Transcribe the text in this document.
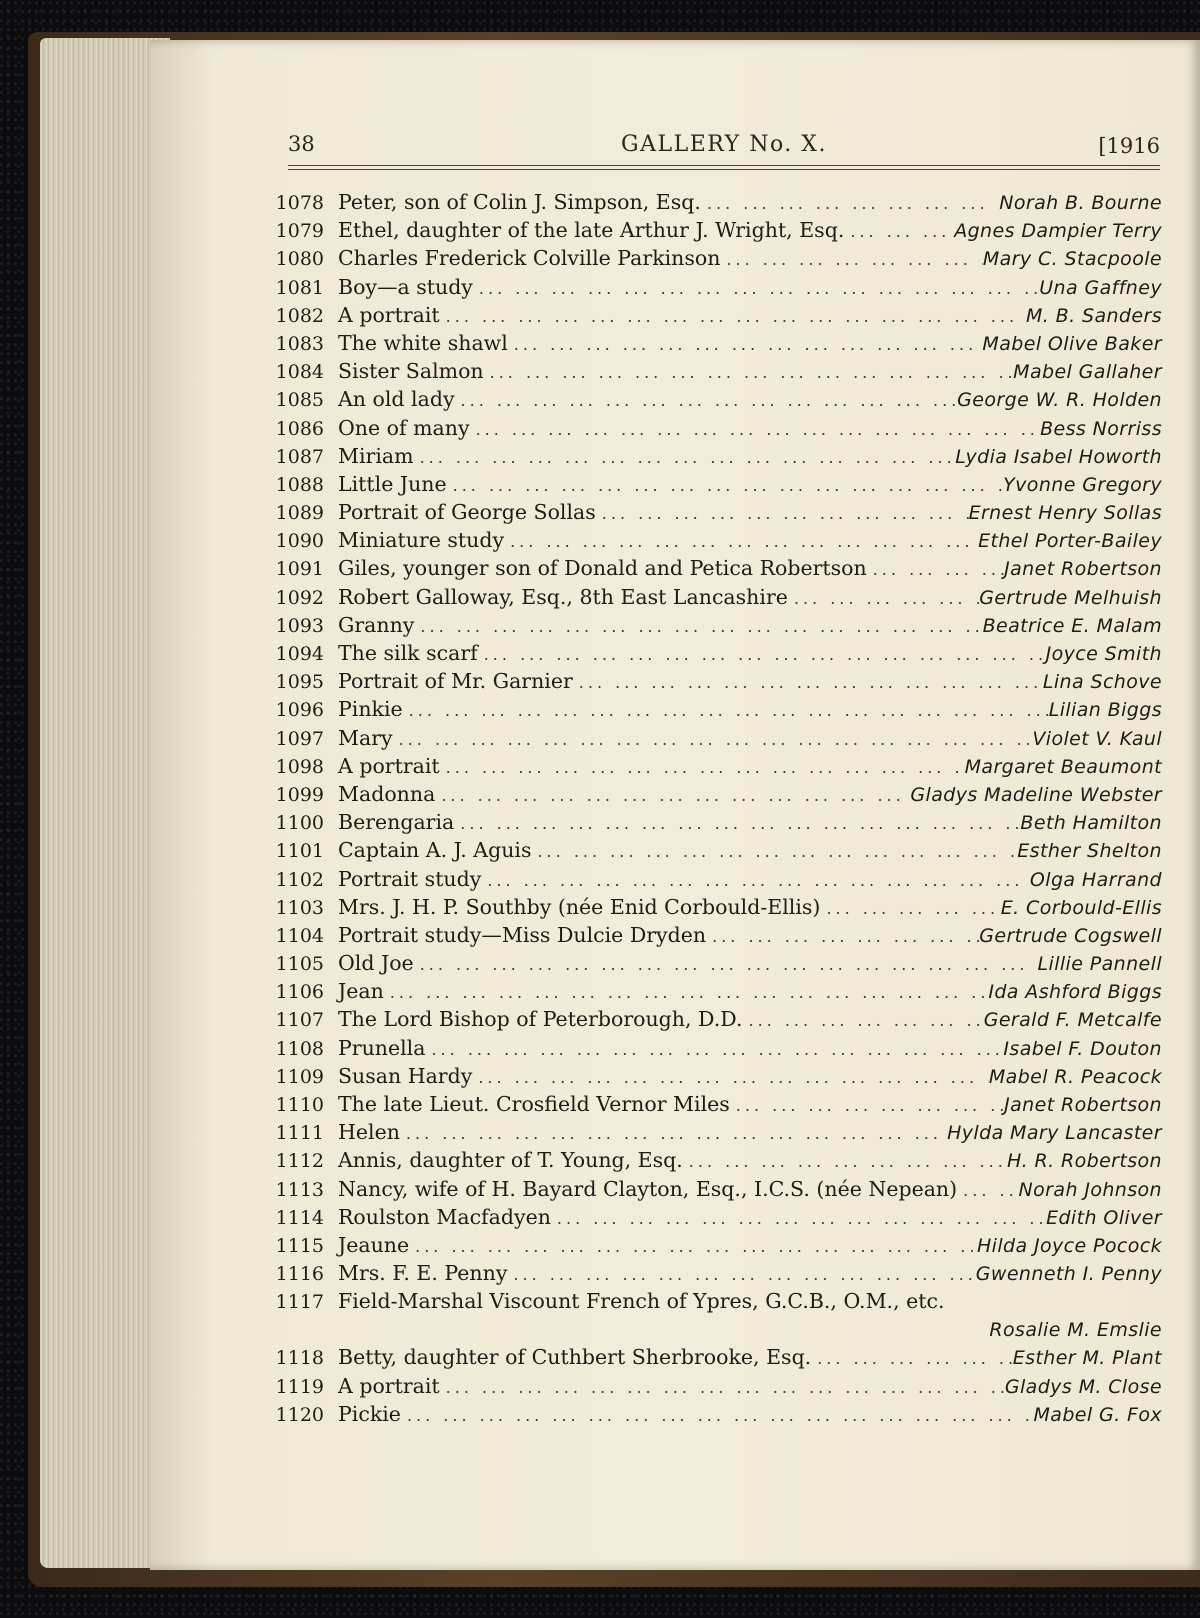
38	GALLERY No. X.	[1916
1078 Peter, son of Colin J. Simpson, Esq. ... .	Norah B. Bourne
1079 Ethel, daughter of the late Arthur J. Wright, Esq. ... .	Agnes Dampier Terry
1080 Charles Frederick Colville Parkinson ... .	Mary C. Stacpoole
1081 Boy—a study ... .	Una Gaffney
1082 A portrait ... .	M. B. Sanders
1083 The white shawl ... .	Mabel Olive Baker
1084 Sister Salmon ... .	Mabel Gallaher
1085 An old lady ... .	George W. R. Holden
1086 One of many ... .	Bess Norriss
1087 Miriam ... .	Lydia Isabel Howorth
1088 Little June ... .	Yvonne Gregory
1089 Portrait of George Sollas ... .	Ernest Henry Sollas
1090 Miniature study ... .	Ethel Porter-Bailey
1091 Giles, younger son of Donald and Petica Robertson ... .	Janet Robertson
1092 Robert Galloway, Esq., 8th East Lancashire ... .	Gertrude Melhuish
1093 Granny ... .	Beatrice E. Malam
1094 The silk scarf ... .	Joyce Smith
1095 Portrait of Mr. Garnier ... .	Lina Schove
1096 Pinkie ... .	Lilian Biggs
1097 Mary ... .	Violet V. Kaul
1098 A portrait ... .	Margaret Beaumont
1099 Madonna ... .	Gladys Madeline Webster
1100 Berengaria ... .	Beth Hamilton
1101 Captain A. J. Aguis ... .	Esther Shelton
1102 Portrait study ... .	Olga Harrand
1103 Mrs. J. H. P. Southby (née Enid Corbould-Ellis) ... .	E. Corbould-Ellis
1104 Portrait study—Miss Dulcie Dryden ... .	Gertrude Cogswell
1105 Old Joe ... .	Lillie Pannell
1106 Jean ... .	Ida Ashford Biggs
1107 The Lord Bishop of Peterborough, D.D. ... .	Gerald F. Metcalfe
1108 Prunella ... .	Isabel F. Douton
1109 Susan Hardy ... .	Mabel R. Peacock
1110 The late Lieut. Crosfield Vernor Miles ... .	Janet Robertson
1111 Helen ... .	Hylda Mary Lancaster
1112 Annis, daughter of T. Young, Esq. ... .	H. R. Robertson
1113 Nancy, wife of H. Bayard Clayton, Esq., I.C.S. (née Nepean) ... .	Norah Johnson
1114 Roulston Macfadyen ... .	Edith Oliver
1115 Jeaune ... .	Hilda Joyce Pocock
1116 Mrs. F. E. Penny ... .	Gwenneth I. Penny
1117 Field-Marshal Viscount French of Ypres, G.C.B., O.M., etc.
Rosalie M. Emslie
1118 Betty, daughter of Cuthbert Sherbrooke, Esq. ... .	Esther M. Plant
1119 A portrait ... .	Gladys M. Close
1120 Pickie ... .	Mabel G. Fox
